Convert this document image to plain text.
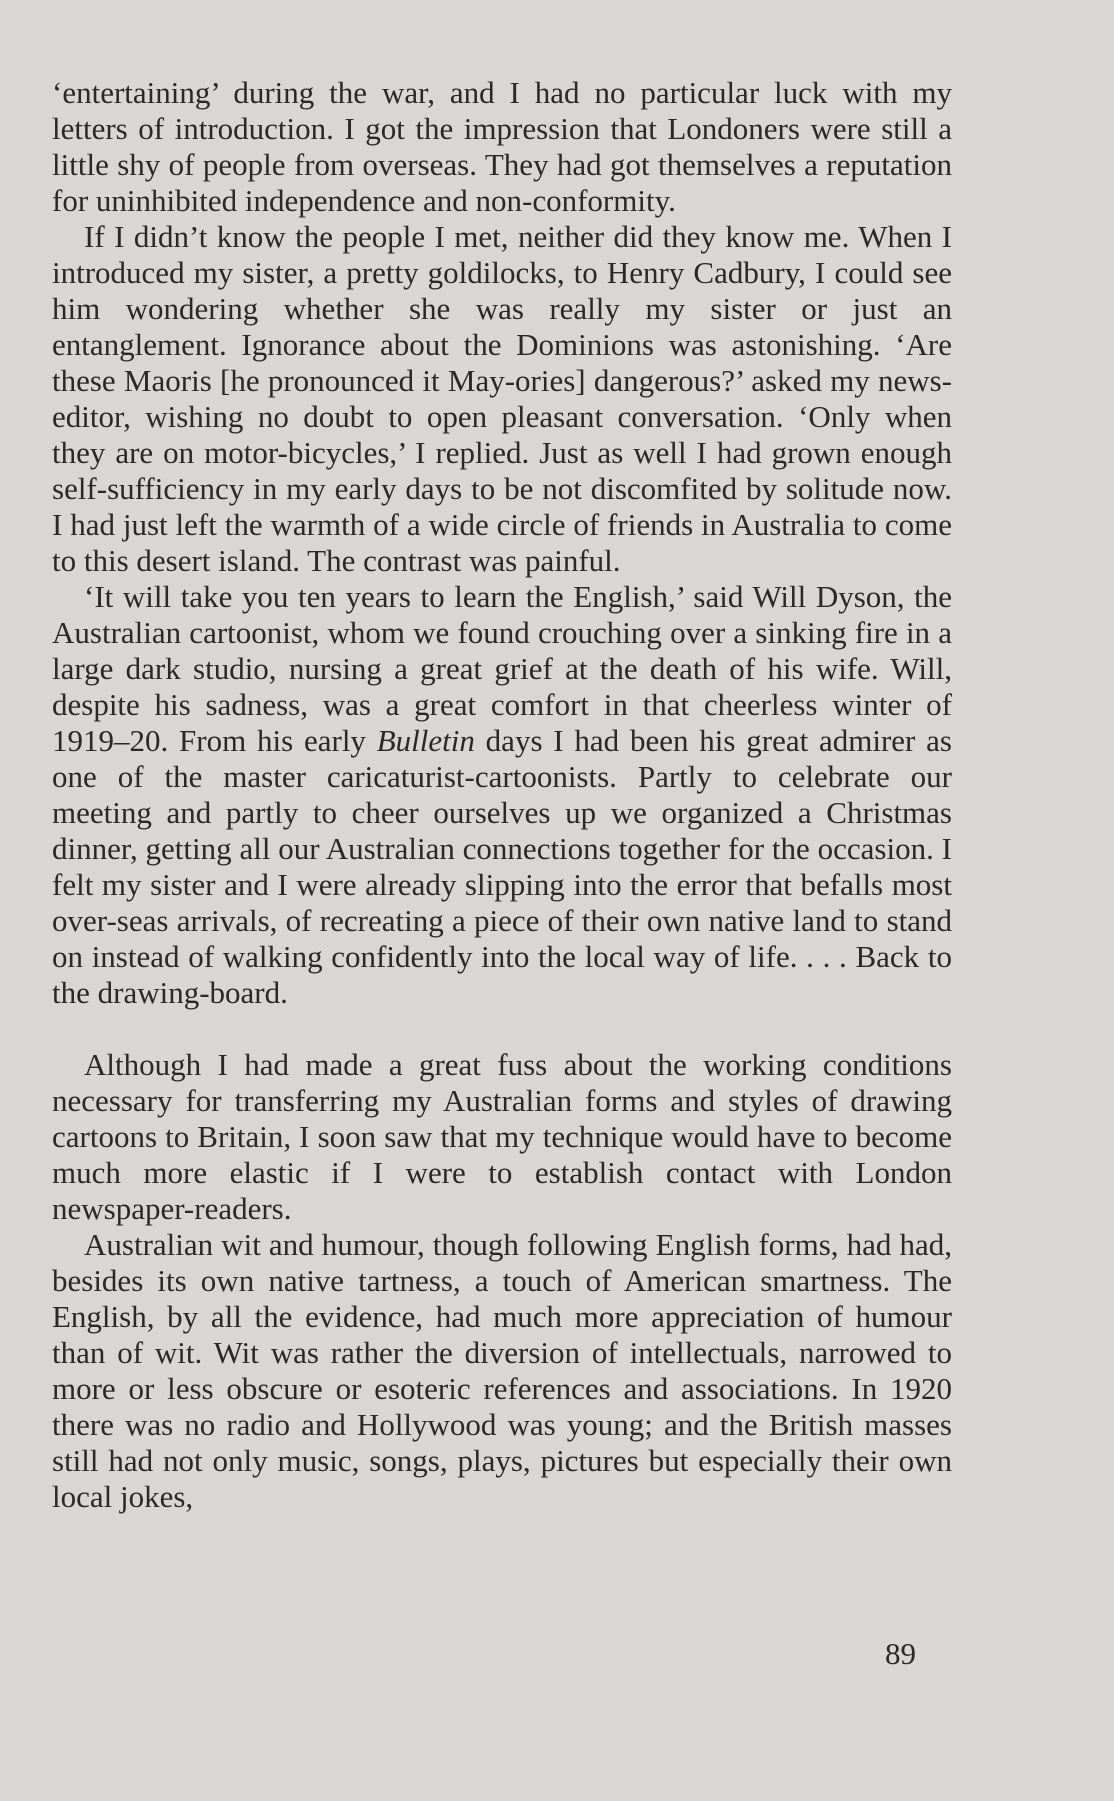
‘entertaining’ during the war, and I had no particular luck with my letters of introduction. I got the impression that Londoners were still a little shy of people from overseas. They had got themselves a reputation for uninhibited independence and non-conformity.

If I didn’t know the people I met, neither did they know me. When I introduced my sister, a pretty goldilocks, to Henry Cadbury, I could see him wondering whether she was really my sister or just an entanglement. Ignorance about the Dominions was astonishing. ‘Are these Maoris [he pronounced it May-ories] dangerous?’ asked my news-editor, wishing no doubt to open pleasant conversation. ‘Only when they are on motor-bicycles,’ I replied. Just as well I had grown enough self-sufficiency in my early days to be not discomfited by solitude now. I had just left the warmth of a wide circle of friends in Australia to come to this desert island. The contrast was painful.

‘It will take you ten years to learn the English,’ said Will Dyson, the Australian cartoonist, whom we found crouching over a sinking fire in a large dark studio, nursing a great grief at the death of his wife. Will, despite his sadness, was a great comfort in that cheerless winter of 1919–20. From his early Bulletin days I had been his great admirer as one of the master caricaturist-cartoonists. Partly to celebrate our meeting and partly to cheer ourselves up we organized a Christmas dinner, getting all our Australian connections together for the occasion. I felt my sister and I were already slipping into the error that befalls most over-seas arrivals, of recreating a piece of their own native land to stand on instead of walking confidently into the local way of life. . . . Back to the drawing-board.

Although I had made a great fuss about the working conditions necessary for transferring my Australian forms and styles of drawing cartoons to Britain, I soon saw that my technique would have to become much more elastic if I were to establish contact with London newspaper-readers.

Australian wit and humour, though following English forms, had had, besides its own native tartness, a touch of American smartness. The English, by all the evidence, had much more appreciation of humour than of wit. Wit was rather the diversion of intellectuals, narrowed to more or less obscure or esoteric references and associations. In 1920 there was no radio and Hollywood was young; and the British masses still had not only music, songs, plays, pictures but especially their own local jokes,

89
